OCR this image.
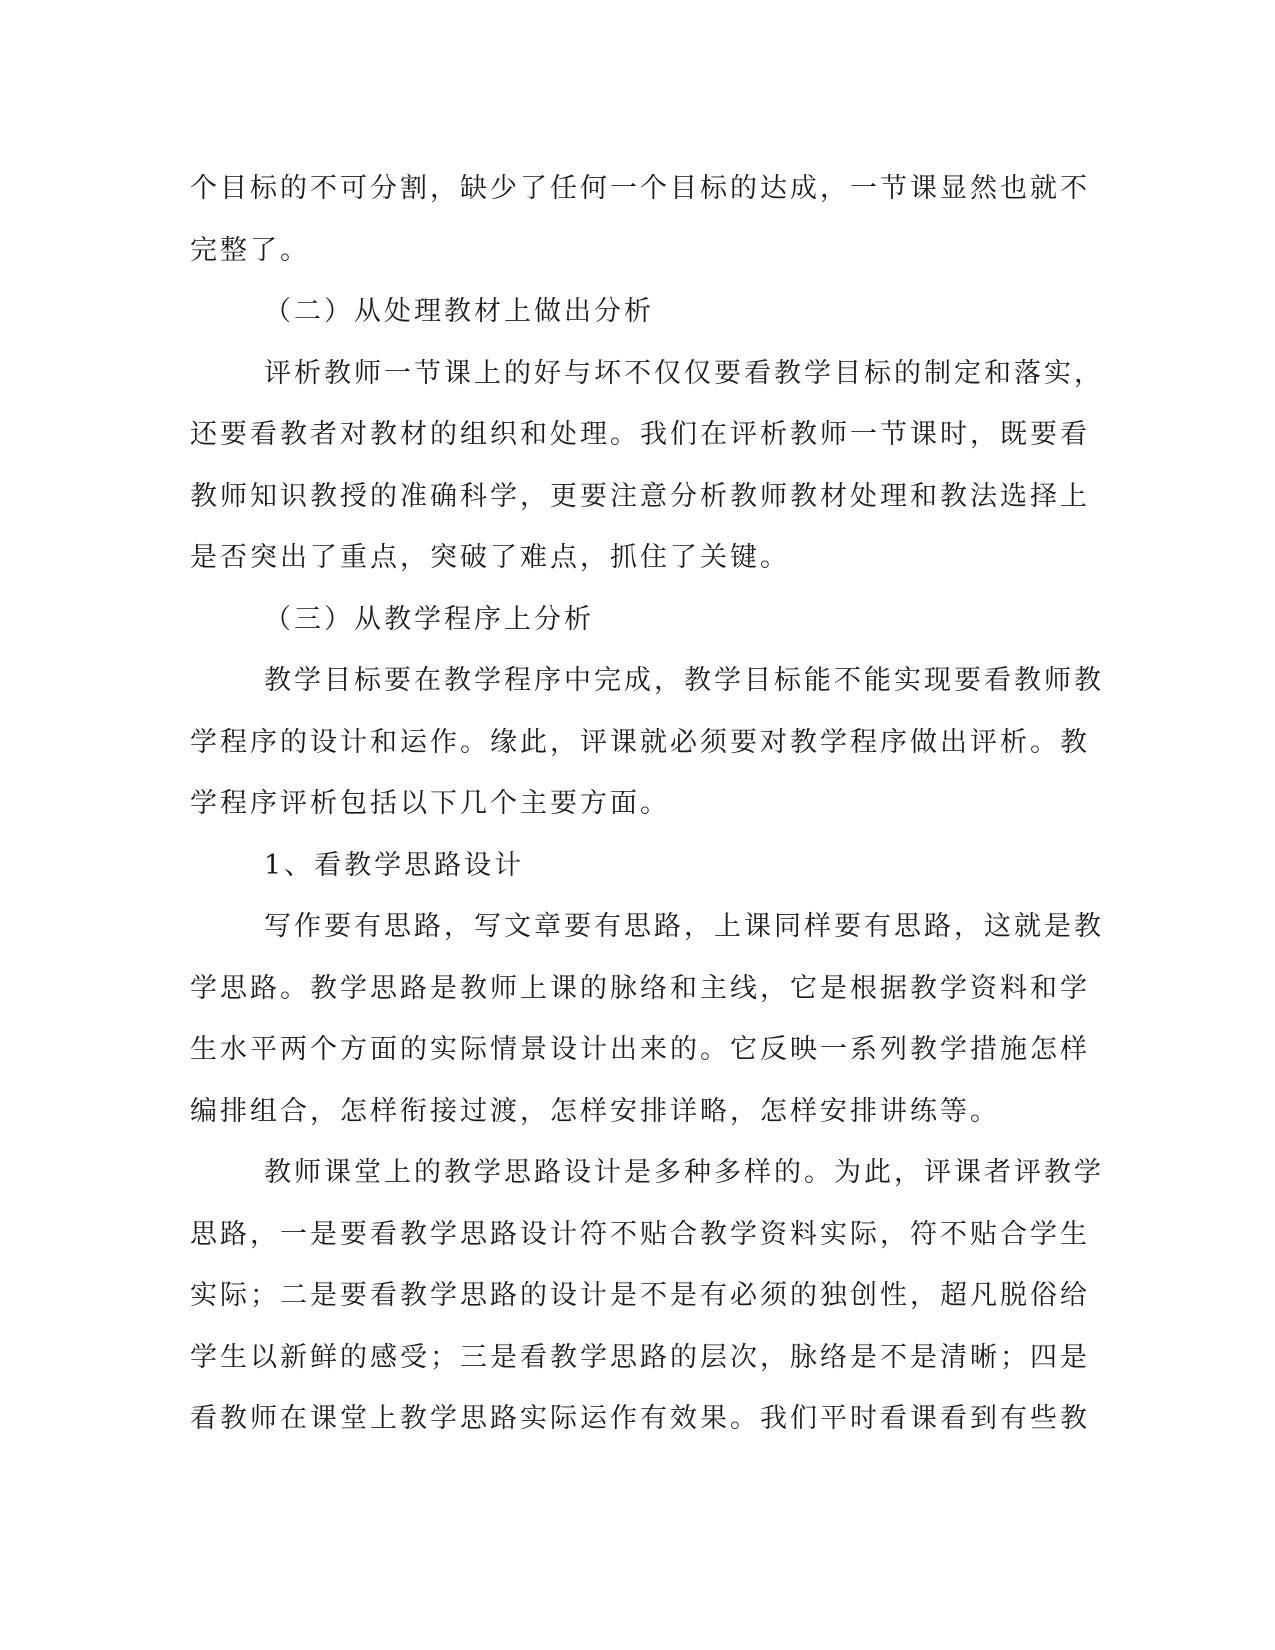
个目标的不可分割，缺少了任何一个目标的达成，一节课显然也就不
完整了。
（二）从处理教材上做出分析
评析教师一节课上的好与坏不仅仅要看教学目标的制定和落实，
还要看教者对教材的组织和处理。我们在评析教师一节课时，既要看
教师知识教授的准确科学，更要注意分析教师教材处理和教法选择上
是否突出了重点，突破了难点，抓住了关键。
（三）从教学程序上分析
教学目标要在教学程序中完成，教学目标能不能实现要看教师教
学程序的设计和运作。缘此，评课就必须要对教学程序做出评析。教
学程序评析包括以下几个主要方面。
1、看教学思路设计
写作要有思路，写文章要有思路，上课同样要有思路，这就是教
学思路。教学思路是教师上课的脉络和主线，它是根据教学资料和学
生水平两个方面的实际情景设计出来的。它反映一系列教学措施怎样
编排组合，怎样衔接过渡，怎样安排详略，怎样安排讲练等。
教师课堂上的教学思路设计是多种多样的。为此，评课者评教学
思路，一是要看教学思路设计符不贴合教学资料实际，符不贴合学生
实际；二是要看教学思路的设计是不是有必须的独创性，超凡脱俗给
学生以新鲜的感受；三是看教学思路的层次，脉络是不是清晰；四是
看教师在课堂上教学思路实际运作有效果。我们平时看课看到有些教
